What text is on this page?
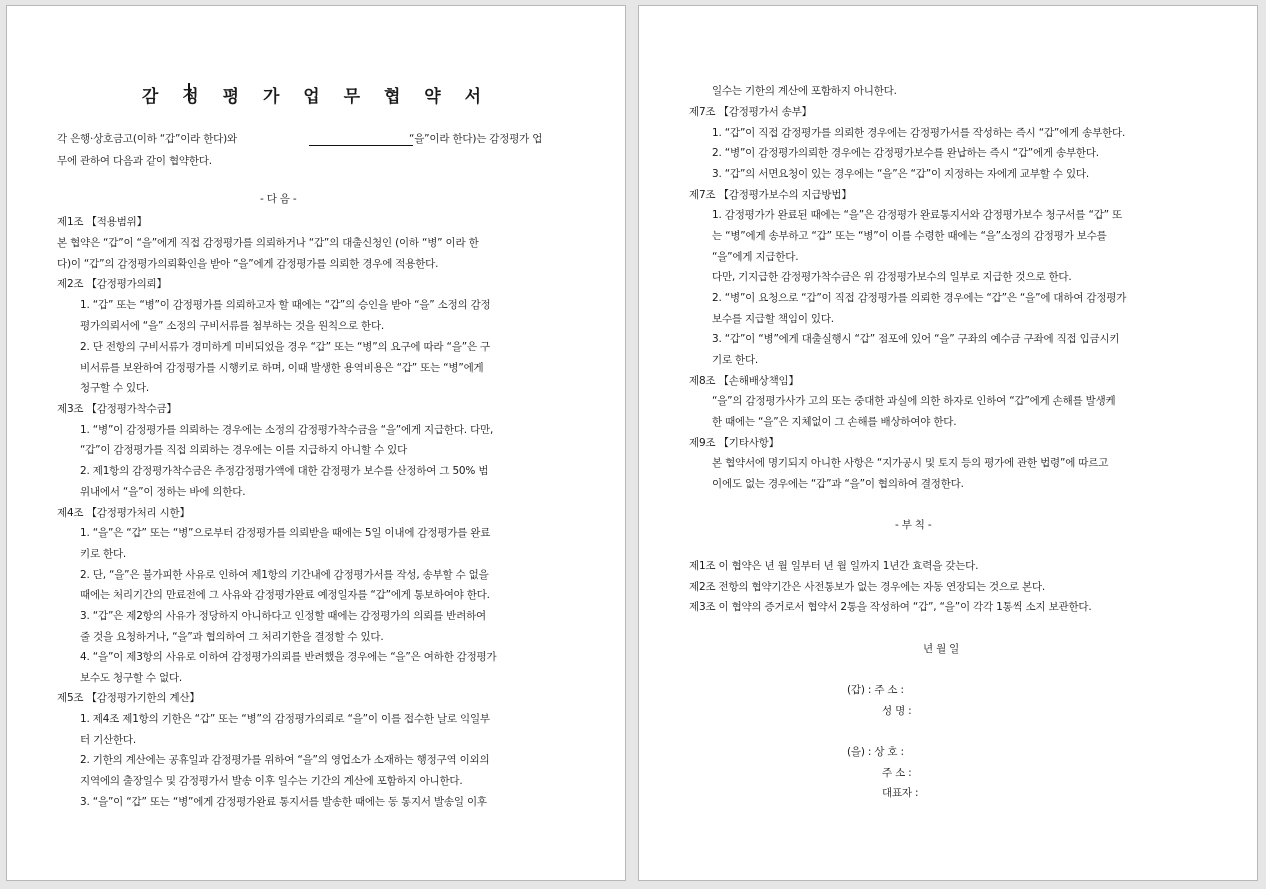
감 정 평 가 업 무 협 약 서
각 은행·상호금고(이하 “갑”이라 한다)와	“을”이라 한다)는 감정평가 업
무에 관하여 다음과 같이 협약한다.
- 다 음 -
제1조 【적용범위】
본 협약은 “갑”이 “을”에게 직접 감정평가를 의뢰하거나 “갑”의 대출신청인 (이하 “병” 이라 한
다)이 “갑”의 감정평가의뢰확인을 받아 “을”에게 감정평가를 의뢰한 경우에 적용한다.
제2조 【감정평가의뢰】
1. “갑” 또는 “병”이 감정평가를 의뢰하고자 할 때에는 “갑”의 승인을 받아 “을” 소정의 감정
평가의뢰서에 “을” 소정의 구비서류를 첨부하는 것을 원칙으로 한다.
2. 단 전항의 구비서류가 경미하게 미비되었을 경우 “갑” 또는 “병”의 요구에 따라 “을”은 구
비서류를 보완하여 감정평가를 시행키로 하며, 이때 발생한 용역비용은 “갑” 또는 “병”에게
청구할 수 있다.
제3조 【감정평가착수금】
1. “병”이 감정평가를 의뢰하는 경우에는 소정의 감정평가착수금을 “을”에게 지급한다. 다만,
“갑”이 감정평가를 직접 의뢰하는 경우에는 이를 지급하지 아니할 수 있다
2. 제1항의 감정평가착수금은 추정감정평가액에 대한 감정평가 보수를 산정하여 그 50% 범
위내에서 “을”이 정하는 바에 의한다.
제4조 【감정평가처리 시한】
1. “을”은 “갑” 또는 “병”으로부터 감정평가를 의뢰받을 때에는 5일 이내에 감정평가를 완료
키로 한다.
2. 단, “을”은 불가피한 사유로 인하여 제1항의 기간내에 감정평가서를 작성, 송부할 수 없을
때에는 처리기간의 만료전에 그 사유와 감정평가완료 예정일자를 “갑”에게 통보하여야 한다.
3. “갑”은 제2항의 사유가 정당하지 아니하다고 인정할 때에는 감정평가의 의뢰를 반려하여
줄 것을 요청하거나, “을”과 협의하여 그 처리기한을 결정할 수 있다.
4. “을”이 제3항의 사유로 이하여 감정평가의뢰를 반려했을 경우에는 “을”은 여하한 감정평가
보수도 청구할 수 없다.
제5조 【감정평가기한의 계산】
1. 제4조 제1항의 기한은 “갑” 또는 “병”의 감정평가의뢰로 “을”이 이를 접수한 날로 익일부
터 기산한다.
2. 기한의 계산에는 공휴일과 감정평가를 위하여 “을”의 영업소가 소재하는 행정구역 이외의
지역에의 출장일수 및 감정평가서 발송 이후 일수는 기간의 계산에 포함하지 아니한다.
3. “을”이 “갑” 또는 “병”에게 감정평가완료 통지서를 발송한 때에는 동 통지서 발송일 이후
일수는 기한의 계산에 포함하지 아니한다.
제7조 【감정평가서 송부】
1. “갑”이 직접 감정평가를 의뢰한 경우에는 감정평가서를 작성하는 즉시 “갑”에게 송부한다.
2. “병”이 감정평가의뢰한 경우에는 감정평가보수를 완납하는 즉시 “갑”에게 송부한다.
3. “갑”의 서면요청이 있는 경우에는 “을”은 “갑”이 지정하는 자에게 교부할 수 있다.
제7조 【감정평가보수의 지급방법】
1. 감정평가가 완료된 때에는 “을”은 감정평가 완료통지서와 감정평가보수 청구서를 “갑” 또
는 “병”에게 송부하고 “갑” 또는 “병”이 이를 수령한 때에는 “을”소정의 감정평가 보수를
“을”에게 지급한다.
다만, 기지급한 감정평가착수금은 위 감정평가보수의 일부로 지급한 것으로 한다.
2. “병”이 요청으로 “갑”이 직접 감정평가를 의뢰한 경우에는 “갑”은 “을”에 대하여 감정평가
보수를 지급할 책임이 있다.
3. “갑”이 “병”에게 대출실행시 “갑” 점포에 있어 “을” 구좌의 예수금 구좌에 직접 입금시키
기로 한다.
제8조 【손해배상책임】
“을”의 감정평가사가 고의 또는 중대한 과실에 의한 하자로 인하여 “갑”에게 손해를 발생케
한 때에는 “을”은 지체없이 그 손해를 배상하여야 한다.
제9조 【기타사항】
본 협약서에 명기되지 아니한 사항은 “지가공시 및 토지 등의 평가에 관한 법령”에 따르고
이에도 없는 경우에는 “갑”과 “을”이 협의하여 결정한다.
- 부 칙 -
제1조 이 협약은 년 월 일부터 년 월 일까지 1년간 효력을 갖는다.
제2조 전항의 협약기간은 사전통보가 없는 경우에는 자동 연장되는 것으로 본다.
제3조 이 협약의 증거로서 협약서 2통을 작성하여 “갑”, “을”이 각각 1통씩 소지 보관한다.
년 월 일
(갑) : 주 소 :
성 명 :
(을) : 상 호 :
주 소 :
대표자 :
